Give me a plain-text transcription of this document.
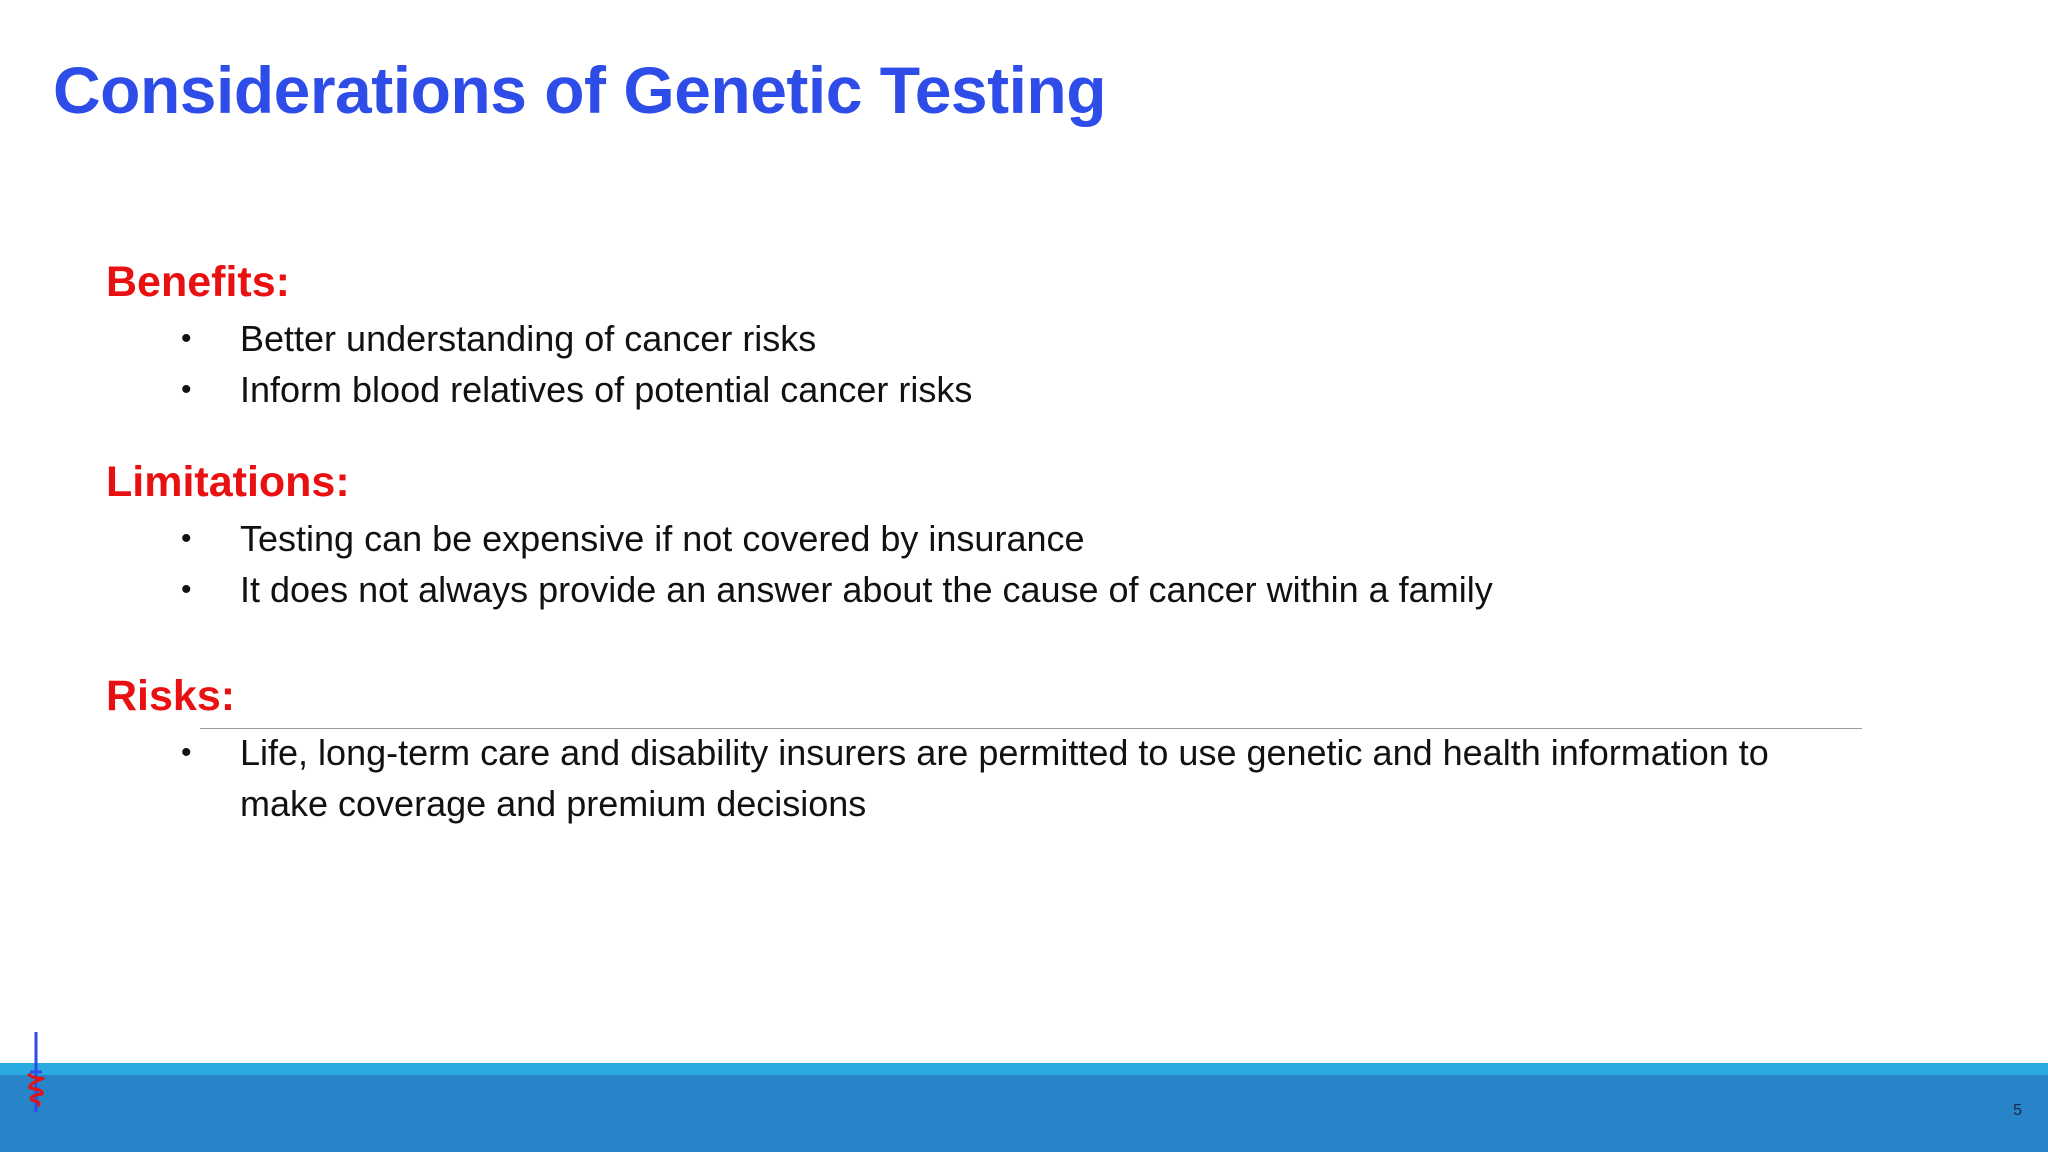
Considerations of Genetic Testing
Benefits:
• Better understanding of cancer risks
• Inform blood relatives of potential cancer risks
Limitations:
• Testing can be expensive if not covered by insurance
• It does not always provide an answer about the cause of cancer within a family
Risks:
• Life, long-term care and disability insurers are permitted to use genetic and health information to
make coverage and premium decisions
5
